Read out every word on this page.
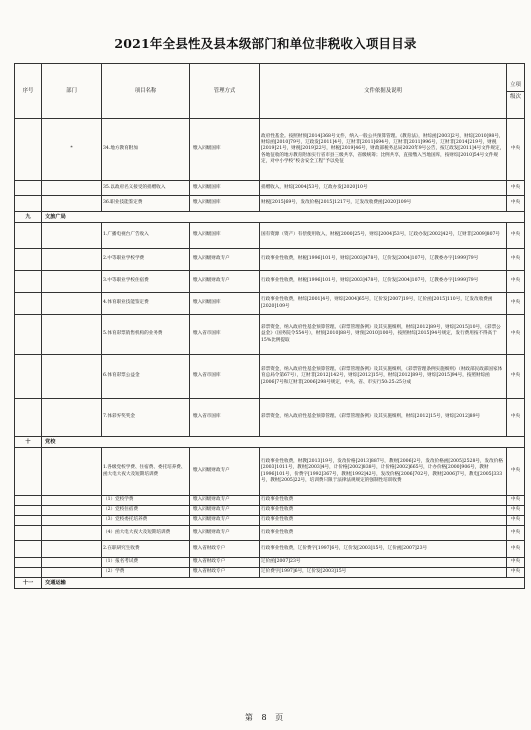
2021年全县性及县本级部门和单位非税收入项目目录
序号	部门	项目名称	管理方式	文件依据及说明	立项
级次

	*	34.地方教育附加	缴入同级国库	政府性基金。按照财预[2014]368号文件，纳入一般公共预算管理。《教育法》，财综函[2003]2号，财综[2010]98号，财综函[2010]79号，辽政发[2011]4号，辽财非[2011]694号，辽财非[2011]996号，辽财非[2014]219号，财税[2019]21号，财税[2019]22号，财税[2019]46号，财政部税务总局2020年9号公告，按辽政发[2011]4号文件规定，各地征收的地方教育附加实行省市县三级共享，省级统筹；比例共享，直接缴入当地国库，按财综[2010]54号文件规定，对中小学校“校舍安全工程”予以免征	中央
		35.以政府名义接受的捐赠收入	缴入同级国库	捐赠收入，财综[2004]53号，辽政办发[2020]10号	中央
		36.职业技能鉴定费	缴入同级国库	财税[2015]69号，发改价格[2015]1217号，辽发改收费函[2020]109号	中央
九	文旅广局				
		1.广播电视台广告收入	缴入同级国库	国有资源（资产）有偿使用收入，财税[2000]25号，财综[2004]53号，辽政办发[2002]42号，辽财非[2009]807号	中央
		2.中等职业学校学费	缴入同级财政专户	行政事业性收费，财税[1996]101号，财综[2003]478号，辽价发[2004]107号，辽教委办字[1999]79号	中央
		3.中等职业学校住宿费	缴入同级财政专户	行政事业性收费，财税[1996]101号，财综[2003]478号，辽价发[2004]107号，辽教委办字[1999]79号	中央
		4.体育职业技能鉴定费	缴入同级国库	行政事业性收费，财综[2001]4号，财综[2004]65号，辽价发[2007]19号，辽价函[2015]110号，辽发改收费函[2020]109号	中央
		5.体育彩票销售机构的业务费	缴入省市国库	彩票资金，纳入政府性基金预算管理。《彩票管理条例》及其实施细则，财综[2012]89号，财综[2015]10号，《彩票公益金》（国务院令554号），财预[2010]88号，财预[2010]100号，按照财综[2015]94号规定，发行费用按不得高于15%比例提取	中央
		6.体育彩票公益金	缴入省市国库	彩票资金，纳入政府性基金预算管理。《彩票管理条例》及其实施细则，《彩票管理条例实施细则》（财政部民政部国家体育总局令第67号），辽财非[2012]142号，财综[2012]15号，财综[2012]89号，财综[2015]94号，按照财综函[2006]7号和辽财非[2006]298号规定，中央、省、市实行50:25:25分成	中央
		7.体彩弃奖奖金	缴入省市国库	彩票资金，纳入政府性基金预算管理。《彩票管理条例》及其实施细则，财综[2012]15号，财综[2012]89号	中央
十	党校				
		1.各级党校学费、住宿费、委托培养费、函大电大夜大及短期培训费	缴入同级财政专户	行政事业性收费，财教[2013]19号，发改价格[2013]887号，教财[2006]2号，发改价格函[2005]2528号，发改价格[2003]1011号，教财[2003]4号，计价格[2002]838号，计价格[2002]665号，计办价格[2000]906号，教财[1996]101号，价费字[1992]367号，教财[1992]42号，发改价格[2006]702号，教财[2006]7号，教电[2005]333号，教财[2005]22号，培训费只限于法律法规规定的强制性培训收费	中央
		（1）党校学费	缴入同级财政专户	行政事业性收费	中央
		（2）党校住宿费	缴入同级财政专户	行政事业性收费	中央
		（3）党校委托培养费	缴入同级财政专户	行政事业性收费	中央
		（4）函大电大夜大及短期培训费	缴入同级财政专户	行政事业性收费	中央
		2.在职研究生收费	缴入省财政专户	行政事业性收费，辽价费字[1997]6号，辽价发[2003]15号，辽价函[2007]23号	中央
		（1）报名考试费	缴入省财政专户	辽价函[2007]23号	中央
		（2）学费	缴入省财政专户	辽价费字[1997]6号，辽价发[2003]15号	中央
十一	交通运输				
第 8 页
